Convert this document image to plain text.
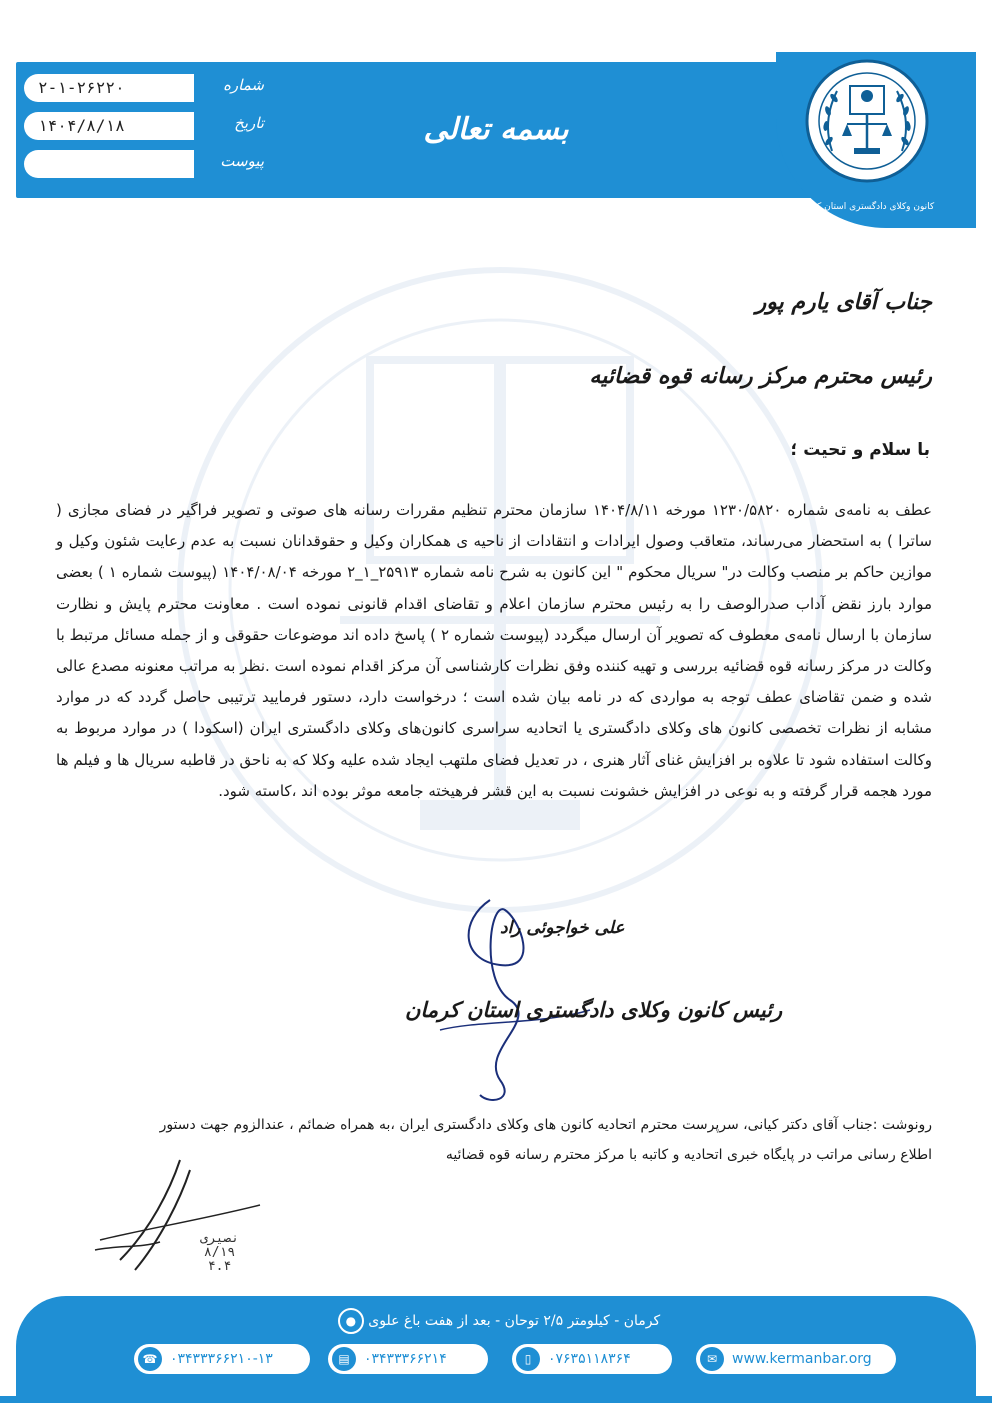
۲-۱-۲۶۲۲۰	شماره
۱۴۰۴/۸/۱۸	تاریخ
پیوست
بسمه تعالی
کانون وکلای دادگستری استان کرمان
جناب آقای یارم پور
رئیس محترم مرکز رسانه قوه قضائیه
با سلام و تحیت ؛
عطف به نامه‌ی شماره ۱۲۳۰/۵۸۲۰ مورخه ۱۴۰۴/۸/۱۱ سازمان محترم تنظیم مقررات رسانه های صوتی و تصویر فراگیر در فضای مجازی ( ساترا ) به استحضار می‌رساند، متعاقب وصول ایرادات و انتقادات از ناحیه ی همکاران وکیل و حقوقدانان نسبت به عدم رعایت شئون وکیل و موازین حاکم بر منصب وکالت در" سریال محکوم " این کانون به شرح نامه شماره ۲۵۹۱۳_۱_۲ مورخه ۱۴۰۴/۰۸/۰۴ (پیوست شماره ۱ ) بعضی موارد بارز نقض آداب صدرالوصف را به رئیس محترم سازمان اعلام و تقاضای اقدام قانونی نموده است . معاونت محترم پایش و نظارت سازمان با ارسال نامه‌ی معطوف که تصویر آن ارسال میگردد (پیوست شماره ۲ ) پاسخ داده اند موضوعات حقوقی و از جمله مسائل مرتبط با وکالت در مرکز رسانه قوه قضائیه بررسی و تهیه کننده وفق نظرات کارشناسی آن مرکز اقدام نموده است .نظر به مراتب معنونه مصدع عالی شده و ضمن تقاضای عطف توجه به مواردی که در نامه بیان شده است ؛ درخواست دارد، دستور فرمایید ترتیبی حاصل گردد که در موارد مشابه از نظرات تخصصی کانون های وکلای دادگستری یا اتحادیه سراسری کانون‌های وکلای دادگستری ایران (اسکودا ) در موارد مربوط به وکالت استفاده شود تا علاوه بر افزایش غنای آثار هنری ، در تعدیل فضای ملتهب ایجاد شده علیه وکلا که به ناحق در قاطبه سریال ها و فیلم ها مورد هجمه قرار گرفته و به نوعی در افزایش خشونت نسبت به این قشر فرهیخته جامعه موثر بوده اند ،کاسته شود.
علی خواجوئی راد
رئیس کانون وکلای دادگستری استان کرمان
رونوشت :جناب آقای دکتر کیانی، سرپرست محترم اتحادیه کانون های وکلای دادگستری ایران ،به همراه ضمائم ، عندالزوم جهت دستور
اطلاع رسانی مراتب در پایگاه خبری اتحادیه و کاتبه با مرکز محترم رسانه قوه قضائیه
نصیری
۸/۱۹
۴.۴
کرمان - کیلومتر ۲/۵ توحان - بعد از هفت باغ علوی ●
✉	www.kermanbar.org
▯	۰۷۶۳۵۱۱۸۳۶۴
▤	۰۳۴۳۳۳۶۶۲۱۴
☎ ۰۳۴۳۳۳۶۶۲۱۰-۱۳
